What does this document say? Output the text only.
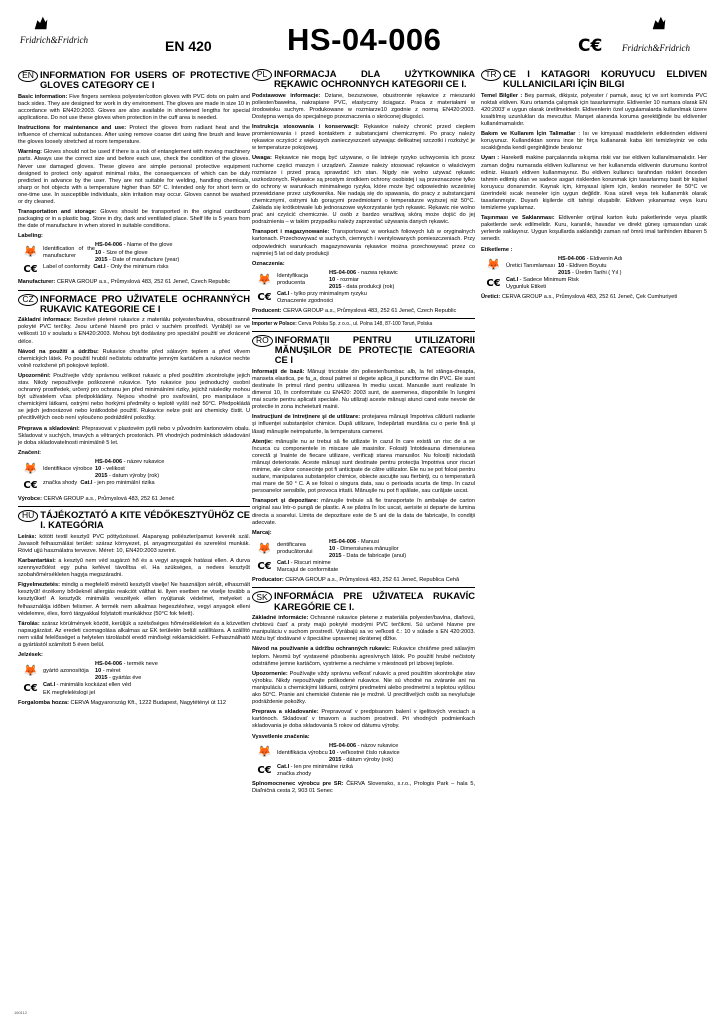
Fridrich&Fridrich	EN 420 HS-04-006	C€ Fridrich&Fridrich
EN INFORMATION FOR USERS OF PROTECTIVE GLOVES CATEGORY CE I

Basic information: Five fingers semless polyester/cotton gloves with PVC dots on palm and back sides. They are designed for work in dry environment. The gloves are made in size 10 in accordance with EN420:2003. Gloves are also available in shortened lengths for special applications. Do not use these gloves when protection in the cuff area is needed.

Instructions for maintenance and use: Protect the gloves from radiant heat and the influence of chemical substances. After using remove coarse dirt using fine brush and leave the gloves loosely stretched at room temperature.

Warning: Gloves should not be used if there is a risk of entanglement with moving machinery parts. Always use the correct size and before each use, check the condition of the gloves. Never use damaged gloves. These gloves are simple personal protective equipment designed to protect only against minimal risks, the consequences of which can be duly predicted in advance by the user. They are not suitable for welding, handling chemicals, sharp or hot objects with a temperature higher than 50° C. Intended only for short term or one-time use. In susceptible individuals, skin irritation may occur. Gloves cannot be washed or dry cleaned.

Transportation and storage: Gloves should be transported in the original cardboard packaging or in a plastic bag. Store in dry, dark and ventilated place. Shelf life is 5 years from the date of manufacture in when stored in suitable conditions.

Labeling:

🦊	Identification of the manufacturer
HS-04-006 - Name of the glove
10 - Size of the glove
2015 - Date of manufacture (year)
C€ Label of conformity Cat.I - Only the minimum risks

Manufacturer: CERVA GROUP a.s., Průmyslová 483, 252 61 Jeneč, Czech Republic

CZ INFORMACE PRO UŽIVATELE OCHRANNÝCH RUKAVIC KATEGORIE CE I

Základní informace: Bezešvé pletené rukavice z materiálu polyester/bavlna, obousttranně pokryté PVC terčíky. Jsou určené hlavně pro práci v suchém prostředí. Vyrábějí se ve velikosti 10 v souladu s EN420:2003. Mohou být dodávány pro speciální použití ve zkrácené délce.

Návod na použití a údržbu: Rukavice chraňte před sálavým teplem a před vlivem chemických látek. Po použití hrubší nečistotu odstraňte jemným kartáčem a rukavice nechte volně rozložené při pokojové teplotě.

Upozornění: Používejte vždy správnou velikost rukavic a před použitím zkontrolujte jejich stav. Nikdy nepoužívejte poškozené rukavice. Tyto rukavice jsou jednoduchý osobní ochranný prostředek, určený pro ochranu jen před minimálními riziky, jejichž následky mohou být uživatelem včas předpokládány. Nejsou vhodné pro svařování, pro manipulace s chemickými látkami, ostrými nebo horkými předměty o teplotě vyšší než 50°C. Předpokládá se jejich jednorázové nebo krátkodobé použití. Rukavice nelze prát ani chemicky čistit. U přecitlivělých osob není vyloučeno podráždění pokožky.

Přeprava a skladování: Přepravovat v plastovém pytli nebo v původním kartonovém obalu. Skladovat v suchých, tmavých a větraných prostorách. Při vhodných podmínkách skladování je doba skladovatelnosti minimálně 5 let.

Značení:

🦊	Identifikace výrobce
HS-04-006 - název rukavice
10 - velikost
2015 - datum výroby (rok)
C€ značka shody Cat.I - jen pro minimální rizika

Výrobce: CERVA GROUP a.s., Průmyslová 483, 252 61 Jeneč

HU TÁJÉKOZTATÓ A KITE VÉDŐKESZTYŰHÖZ CE I. KATEGÓRIA

Leírás: kötött textil kesztyű PVC pöttyözéssel. Alapanyag poliészter/pamut keverék szál. Javasolt felhasználási terület: száraz környezet, pl. anyagmozgatási és szerelési munkák. Rövid ujjú használatra tervezve. Méret: 10, EN420:2003 szerint.

Karbantartási: a kesztyű nem véd sugárzó hő és a vegyi anyagok hatásai ellen. A durva szennyeződést egy puha kefével távolítsa el. Ha szükséges, a nedves kesztyűt szobahőmérsékleten hagyja megszáradni.

Figyelmeztetés: mindig a megfelelő méretű kesztyűt viselje! Ne használjon sérült, elhasznált kesztyűt! érzékeny bőrűeknél allergiás reakciót válthat ki. Ilyen esetben ne viselje tovább a kesztyűket! A kesztyűk minimális veszélyek ellen nyújtanak védelmet, melyeket a felhasználója időben felismer. A termék nem alkalmas hegesztéshez, vegyi anyagok elleni védelemre, éles, forró tárgyakkal folytatott munkákhoz (50°C fok felett).

Tárolás: száraz körülmények között, kerüljük a szélsőséges hőmérsékleteket és a közvetlen napsugárzást. Az eredeti csomagolása alkalmas az EK területén belüli szállításra. A szállító nem vállal felelősséget a helytelen tárolásból eredő minőségi reklamációkért. Felhasználható a gyártástól számított 5 éven belül.

Jelzések:

🦊	gyártó azonosítója
HS-04-006 - termék neve
10 - méret
2015 - gyártás éve
C€ Cat.I - minimális kockázat ellen véd
EK megfeleléslogi jel

Forgalomba hozza: CERVA Magyarország Kft., 1222 Budapest, Nagytétényi út 112

PL INFORMACJA DLA UŻYTKOWNIKA RĘKAWIC OCHRONNYCH KATEGORII CE I.

Podstawowe informacje: Dziane, bezszwowe, obustronnie rękawice z mieszanki poliester/bawełna, nakrapiane PVC, elastyczny ściągacz. Praca z materiałami w środowisku suchym. Produkowane w rozmiarze10 zgodnie z normą EN420:2003. Dostępna wersja do specjalnego przeznaczenia o skróconej długości.

Instrukcja stosowania i konserwacji: Rękawice należy chronić przed ciepłem promieniowania i przed kontaktem z substancjami chemicznymi. Po pracy należy rękawice oczyścić z większych zanieczyszczeń używając delikatnej szczotki i rozłożyć je w temperaturze pokojowej.

Uwaga: Rękawice nie mogą być używane, o ile istnieje ryzyko uchwycenia ich przez ruchome części maszyn i urządzeń. Zawsze należy stosować rękawice o właściwym rozmiarze i przed pracą sprawdzić ich stan. Nigdy nie wolno używać rękawic uszkodzonych. Rękawice są prostym środkiem ochrony osobistej i są przeznaczone tylko do ochrony w warunkach minimalnego ryzyka, które może być odpowiednio wcześniej przewidziane przez użytkownika. Nie nadają się do spawania, do pracy z substancjami chemicznymi, ostrymi lub gorącymi przedmiotami o temperaturze wyższej niż 50°C. Zakłada się krótkotrwałe lub jednorazowe wykorzystanie tych rękawic. Rękawic nie wolno prać ani czyścić chemicznie. U osób z bardzo wrażliwą skórą może dojść do jej podrażnienia – w takim przypadku należy zaprzestać używania danych rękawic.

Transport i magazynowanie: Transportować w workach foliowych lub w oryginalnych kartonach. Przechowywać w suchych, ciemnych i wentylowanych pomieszczeniach. Przy odpowiednich warunkach magazynowania rękawice można przechowywać przez co najmniej 5 lat od daty produkcji

Oznaczenia:

🦊	Identyfikacja producenta
HS-04-006 - nazwa rękawic
10 - rozmiar
2015 - data produkcji (rok)
C€ Cat.I - tylko przy minimalnym ryzyku
Oznaczenie zgodności

Producent: CERVA GROUP a.s., Průmyslová 483, 252 61 Jeneč, Czech Republic

Importer w Polsce: Cerva Polska Sp. z o.o., ul. Polna 148, 87-100 Toruń, Polska

RO INFORMAŢII PENTRU UTILIZATORII MĂNUŞILOR DE PROTECŢIE CATEGORIA CE I

Informaţii de bază: Mănuşi tricotate din poliester/bumbac alb, la fel stânga-dreapta, manseta elastica, pe fa_a, dosul palmei si degete aplica_ii punctiforme din PVC. Ele sunt destinate în primul rând pentru utilizarea în mediu uscat. Manusile sunt realizate în dimensi 10, în conformitate cu EN420: 2003 sunt, de asemenea, disponibile în lungimi mai scurte pentru aplicatii speciale. Nu utilizaţi aceste mănuşi atunci cand este nevoie de protectie in zona incheieturii mainii.

Instrucţiuni de întreţinere şi de utilizare: protejarea mănuşii împotriva căldurii radiante şi influenţei substanţelor chimice. După utilizare, îndepărtati murdăria cu o perie fină şi lăsaţi mănuşile neimpaturite, la temperatura camerei.

Atenţie: mânuşile nu ar trebui să fie utilizate în cazul în care există un risc de a se încurca cu componentele in miscare ale masinilor. Folosiţi întotdeauna dimensiunea corectă şi înainte de fiecare utilizare, verificaţi starea manusilor. Nu folosiţi niciodată mânuşi deteriorate. Aceste mânuşi sunt destinate pentru protecţia împotriva unor riscuri minime, ale căror consecinţe pot fi anticipate de către utilizator. Ele nu se pot folosi pentru sudare, manipularea substanţelor chimice, obiecte ascuţite sau fierbinţi, cu o temperatură mai mare de 50 ° C. A se folosi o singura data, sau o perioada scurta de timp. In cazul persoanelor sensibile, pot provoca iritatii. Mânuşile nu pot fi spălate, sau curăţate uscat.

Transport şi depozitare: mânuşile trebuie să fie transportate în ambalaje de carton original sau într-o pungă de plastic. A se păstra în loc uscat, aerisite si departe de lumina directa a soarelui. Limita de depozitare este de 5 ani de la data de fabricaţie, în condiţii adecvate.

Marcaj:

🦊	dentificarea producătorului
HS-04-006 - Manusi
10 - Dimensiunea mânuşilor
2015 - Data de fabricaţie (anul)
C€ Cat.I - Riscuri minime
Marcajul de conformitate

Producator: CERVA GROUP a.s., Průmyslová 483, 252 61 Jeneč, Republica Cehă

SK INFORMÁCIA PRE UŽIVATEĽA RUKAVÍC KAREGÓRIE CE I.

Základné informácie: Ochranné rukavice pletene z materiála polyester/bavlna, dlaňovú, chrbtovú časť a prsty majú pokryté modrými PVC terčikmi. Sú určené hlavne pre manipuláciu v suchom prostredí. Vyrábajú sa vo veľkosti č.: 10 v súlade s EN 420:2003. Môžu byť dodávané v špeciálne upravenej skrátenej dĺžke.

Návod na používanie a údržbu ochranných rukavíc: Rukavice chráňme pred sálavým teplom. Nesmú byť vystavené pôsobeniu agresívnych látok. Po použití hrubé nečistoty odstráňme jemne kartáčom, vystrieme a necháme v miestnosti pri izbovej teplote.

Upozornenie: Používajte vždy správnu veľkosť rukavíc a pred použitím skontrolujte stav výrobku. Nikdy nepoužívajte poškodené rukavice. Nie sú vhodné na zváranie ani na manipuláciu s chemickými látkami, ostrými predmetmi alebo predmetmi s teplotou vyššou ako 50°C. Pranie ani chemické čistenie nie je možné. U precitlivelých osôb sa nevylučuje podráždenie pokožky.

Preprava a skladovanie: Prepravovať v predpisanom balení v igelitových vreciach a kartónoch. Skladovať v tmavom a suchom prostredí. Pri vhodných podmienkach skladovania je doba skladovania 5 rokov od dátumu výroby.

Vysvetlenie značenia:

🦊	Identifikácia výrobcu
HS-04-006 - názov rukavice
10 - veľkostné číslo rukavice
2015 - dátum výroby (rok)
C€ Cat.I - len pre minimálne riziká
značka zhody

Splnomocnenec výrobcu pre SR: ČERVA Slovensko, s.r.o., Prologis Park – hala 5, Diaľničná cesta 2, 903 01 Senec

TR CE I KATAGORI KORUYUCU ELDIVEN KULLANICILARI İÇİN BILGI

Temel Bilgiler : Beş parmak, dikişsiz, polyester / pamuk, avuç içi ve sırt kısmında PVC noktalı eldiven. Kuru ortamda çalışmak için tasarlanmıştır. Eldivenler 10 numara olarak EN 420:2003' e uygun olarak üretilmektedir. Eldivenlerin özel uygulamalarda kullanılmak üzere kısaltılmış uzunlukları da mevcuttur. Manşet alanında koruma gerektiğinde bu eldivenler kullanılmamalıdır.

Bakım ve Kullanım İçin Talimatlar : Isı ve kimyasal maddelerin etkilerinden eldiveni koruyunuz. Kullandıktan sonra ince bir fırça kullanarak kaba kiri temizleyiniz ve oda sıcaklığında kendi gerginliğinde bırakınız

Uyarı : Hareketli makine parçalarında sıkışma riski var ise eldiven kullanılmamalıdır. Her zaman doğru numarada eldiven kullanınız ve her kullanımda eldivenin durumunu kontrol ediniz. Hasarlı eldiven kullanmayınız. Bu eldiven kullanıcı tarafından riskleri önceden tahmin edilmiş olan ve sadece asgari risklerden korunmak için tasarlanmış basit bir kişisel koruyucu donanımdır. Kaynak için, kimyasal işlem için, keskin nesneler ile 50°C ve üzerindeki sıcak nesneler için uygun değildir. Kısa süreli veya tek kullanımlık olarak tasarlanmıştır. Duyarlı kişilerde cilt tahrişi oluşabilir. Eldiven yıkanamaz veya kuru temizleme yapılamaz.

Taşınması ve Saklanması: Eldivenler orijinal karton kutu paketlerinde veya plastik paketlerde sevk edilmelidir. Kuru, karanlık, havadar ve direkt güneş ışmasından uzak yerlerde saklayınız. Uygun koşullarda saklandığı zaman raf ömrü imal tarihinden itibaren 5 senedir.

Etiketleme :

🦊	Üretici Tanımlaması
HS-04-006 - Eldivenin Adı
10 - Eldiven Boyutu
2015 - Üretim Tarihi ( Yıl )
C€ Cat.I - Sadece Minimum Risk
Uygunluk Etiketi

Üretici: CERVA GROUP a.s., Průmyslová 483, 252 61 Jeneč, Çek Cumhuriyeti

160112
